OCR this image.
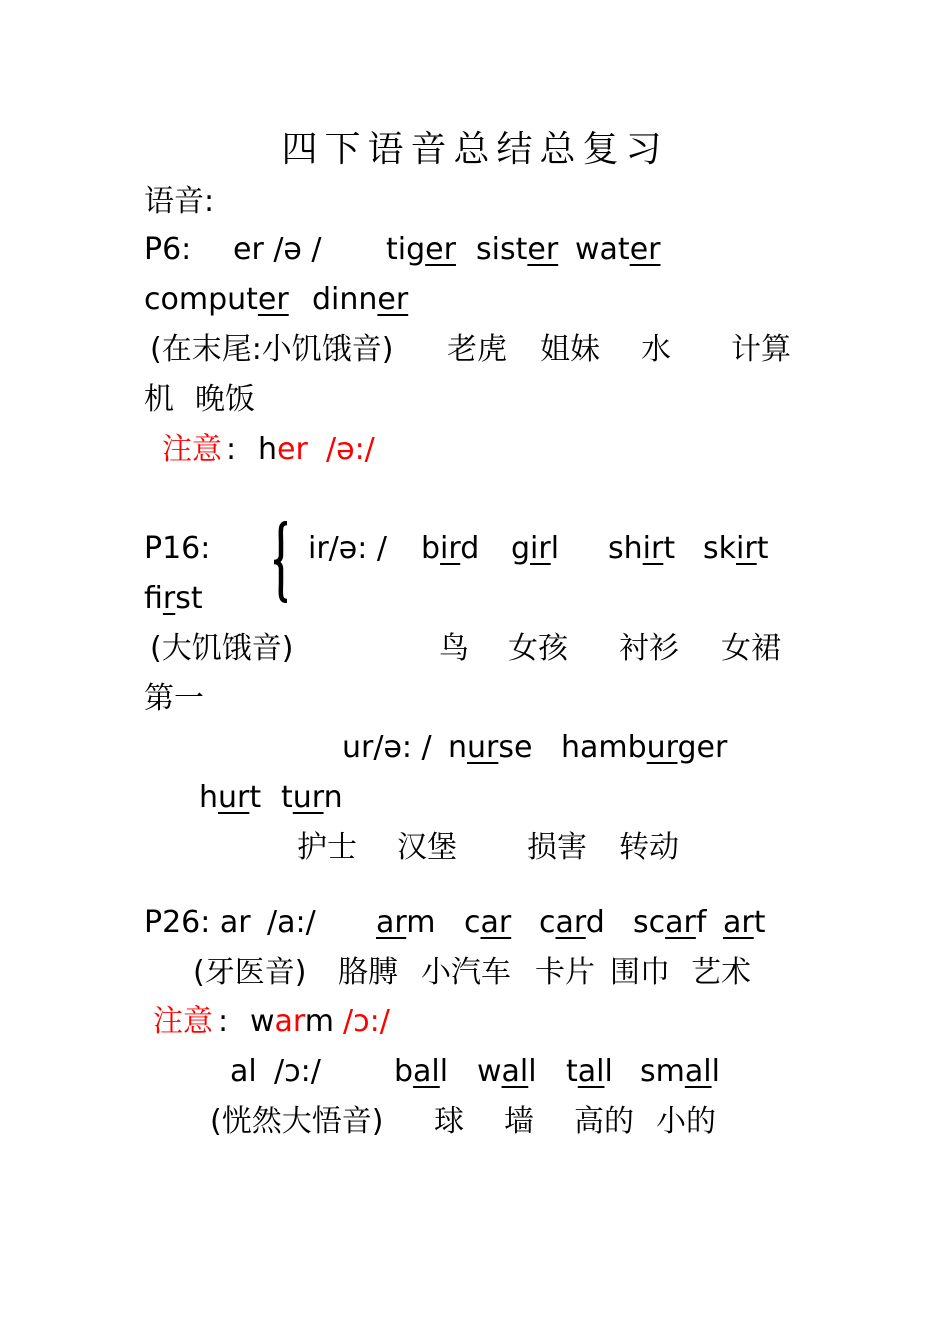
四下语音总结总复习
语音:
P6: er /ə / tiger sister water
computer dinner
(在末尾:小饥饿音) 老虎 姐妹 水 计算
机 晚饭
注意 : her /ə:/
P16:	ir/ə: / bird girl shirt skirt
first
(大饥饿音)	鸟 女孩 衬衫 女裙
第一
ur/ə: / nurse hamburger
hurt turn
护士 汉堡 损害 转动
P26: ar /a:/ arm car card scarf art
(牙医音) 胳膊 小汽车 卡片 围巾 艺术
注意 : warm /ɔ:/
al /ɔ:/ ball wall tall small
(恍然大悟音) 球 墙 高的 小的
